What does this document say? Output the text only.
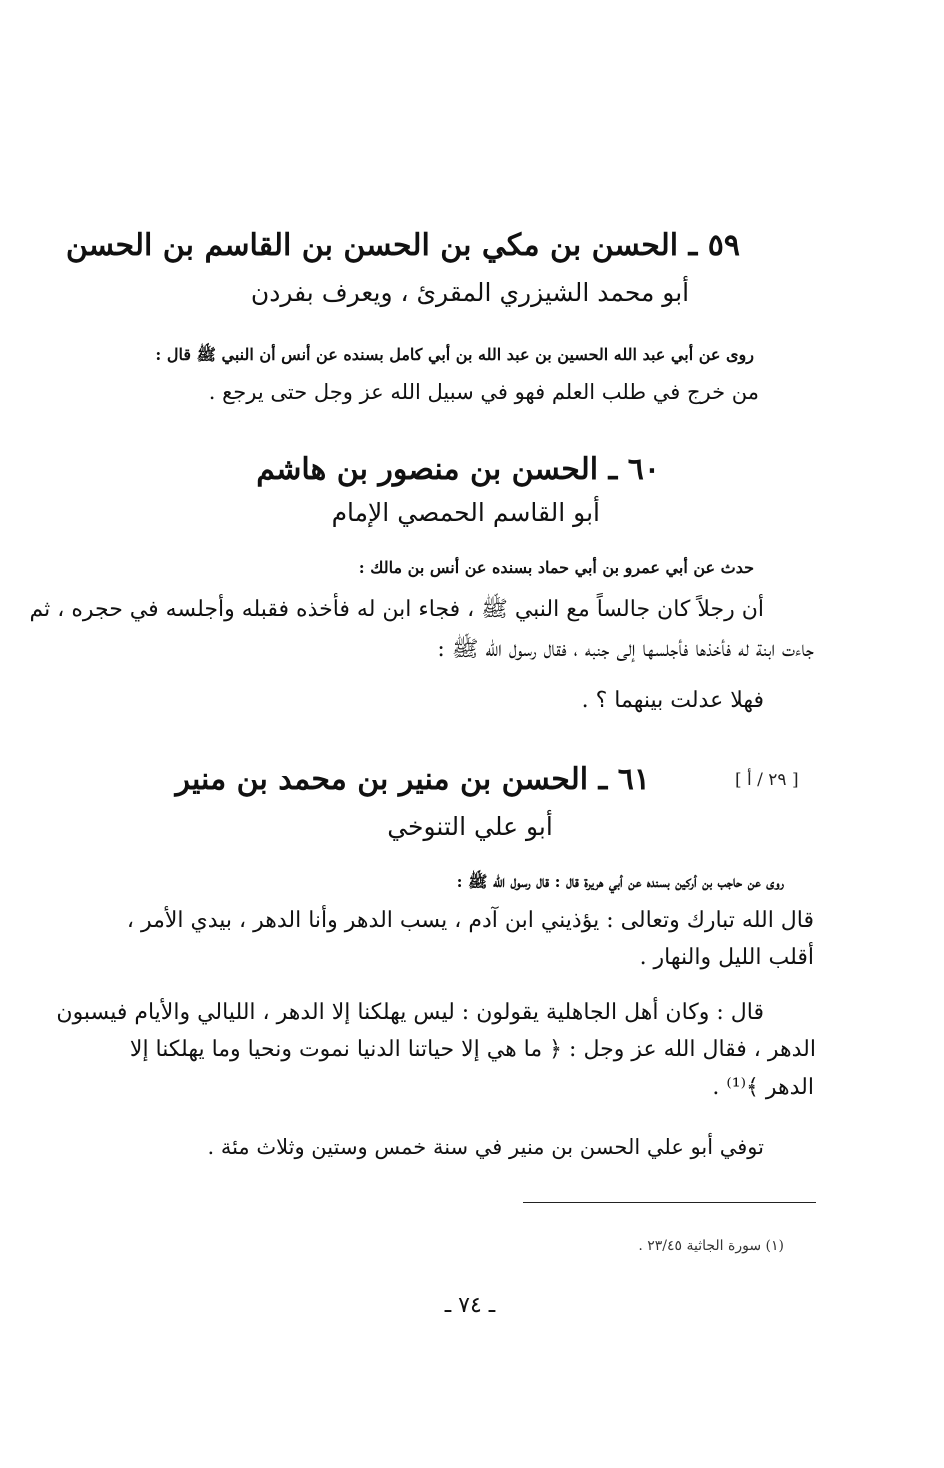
٥٩ ـ الحسن بن مكي بن الحسن بن القاسم بن الحسن
أبو محمد الشيزري المقرئ ، ويعرف بفردن
روى عن أبي عبد الله الحسين بن عبد الله بن أبي كامل بسنده عن أنس أن النبي ﷺ قال :
من خرج في طلب العلم فهو في سبيل الله عز وجل حتى يرجع .
٦٠ ـ الحسن بن منصور بن هاشم
أبو القاسم الحمصي الإمام
حدث عن أبي عمرو بن أبي حماد بسنده عن أنس بن مالك :
أن رجلاً كان جالساً مع النبي ﷺ ، فجاء ابن له فأخذه فقبله وأجلسه في حجره ، ثم
جاءت ابنة له فأخذها فأجلسها إلى جنبه ، فقال رسول الله ﷺ :
فهلا عدلت بينهما ؟ .
[ ٢٩ / أ ]
٦١ ـ الحسن بن منير بن محمد بن منير
أبو علي التنوخي
روى عن حاجب بن أركين بسنده عن أبي هريرة قال : قال رسول الله ﷺ :
قال الله تبارك وتعالى : يؤذيني ابن آدم ، يسب الدهر وأنا الدهر ، بيدي الأمر ،
أقلب الليل والنهار .
قال : وكان أهل الجاهلية يقولون : ليس يهلكنا إلا الدهر ، الليالي والأيام فيسبون
الدهر ، فقال الله عز وجل : ﴿ ما هي إلا حياتنا الدنيا نموت ونحيا وما يهلكنا إلا
الدهر ﴾⁽¹⁾ .
توفي أبو علي الحسن بن منير في سنة خمس وستين وثلاث مئة .
(١) سورة الجاثية ٢٣/٤٥ .
ـ ٧٤ ـ
